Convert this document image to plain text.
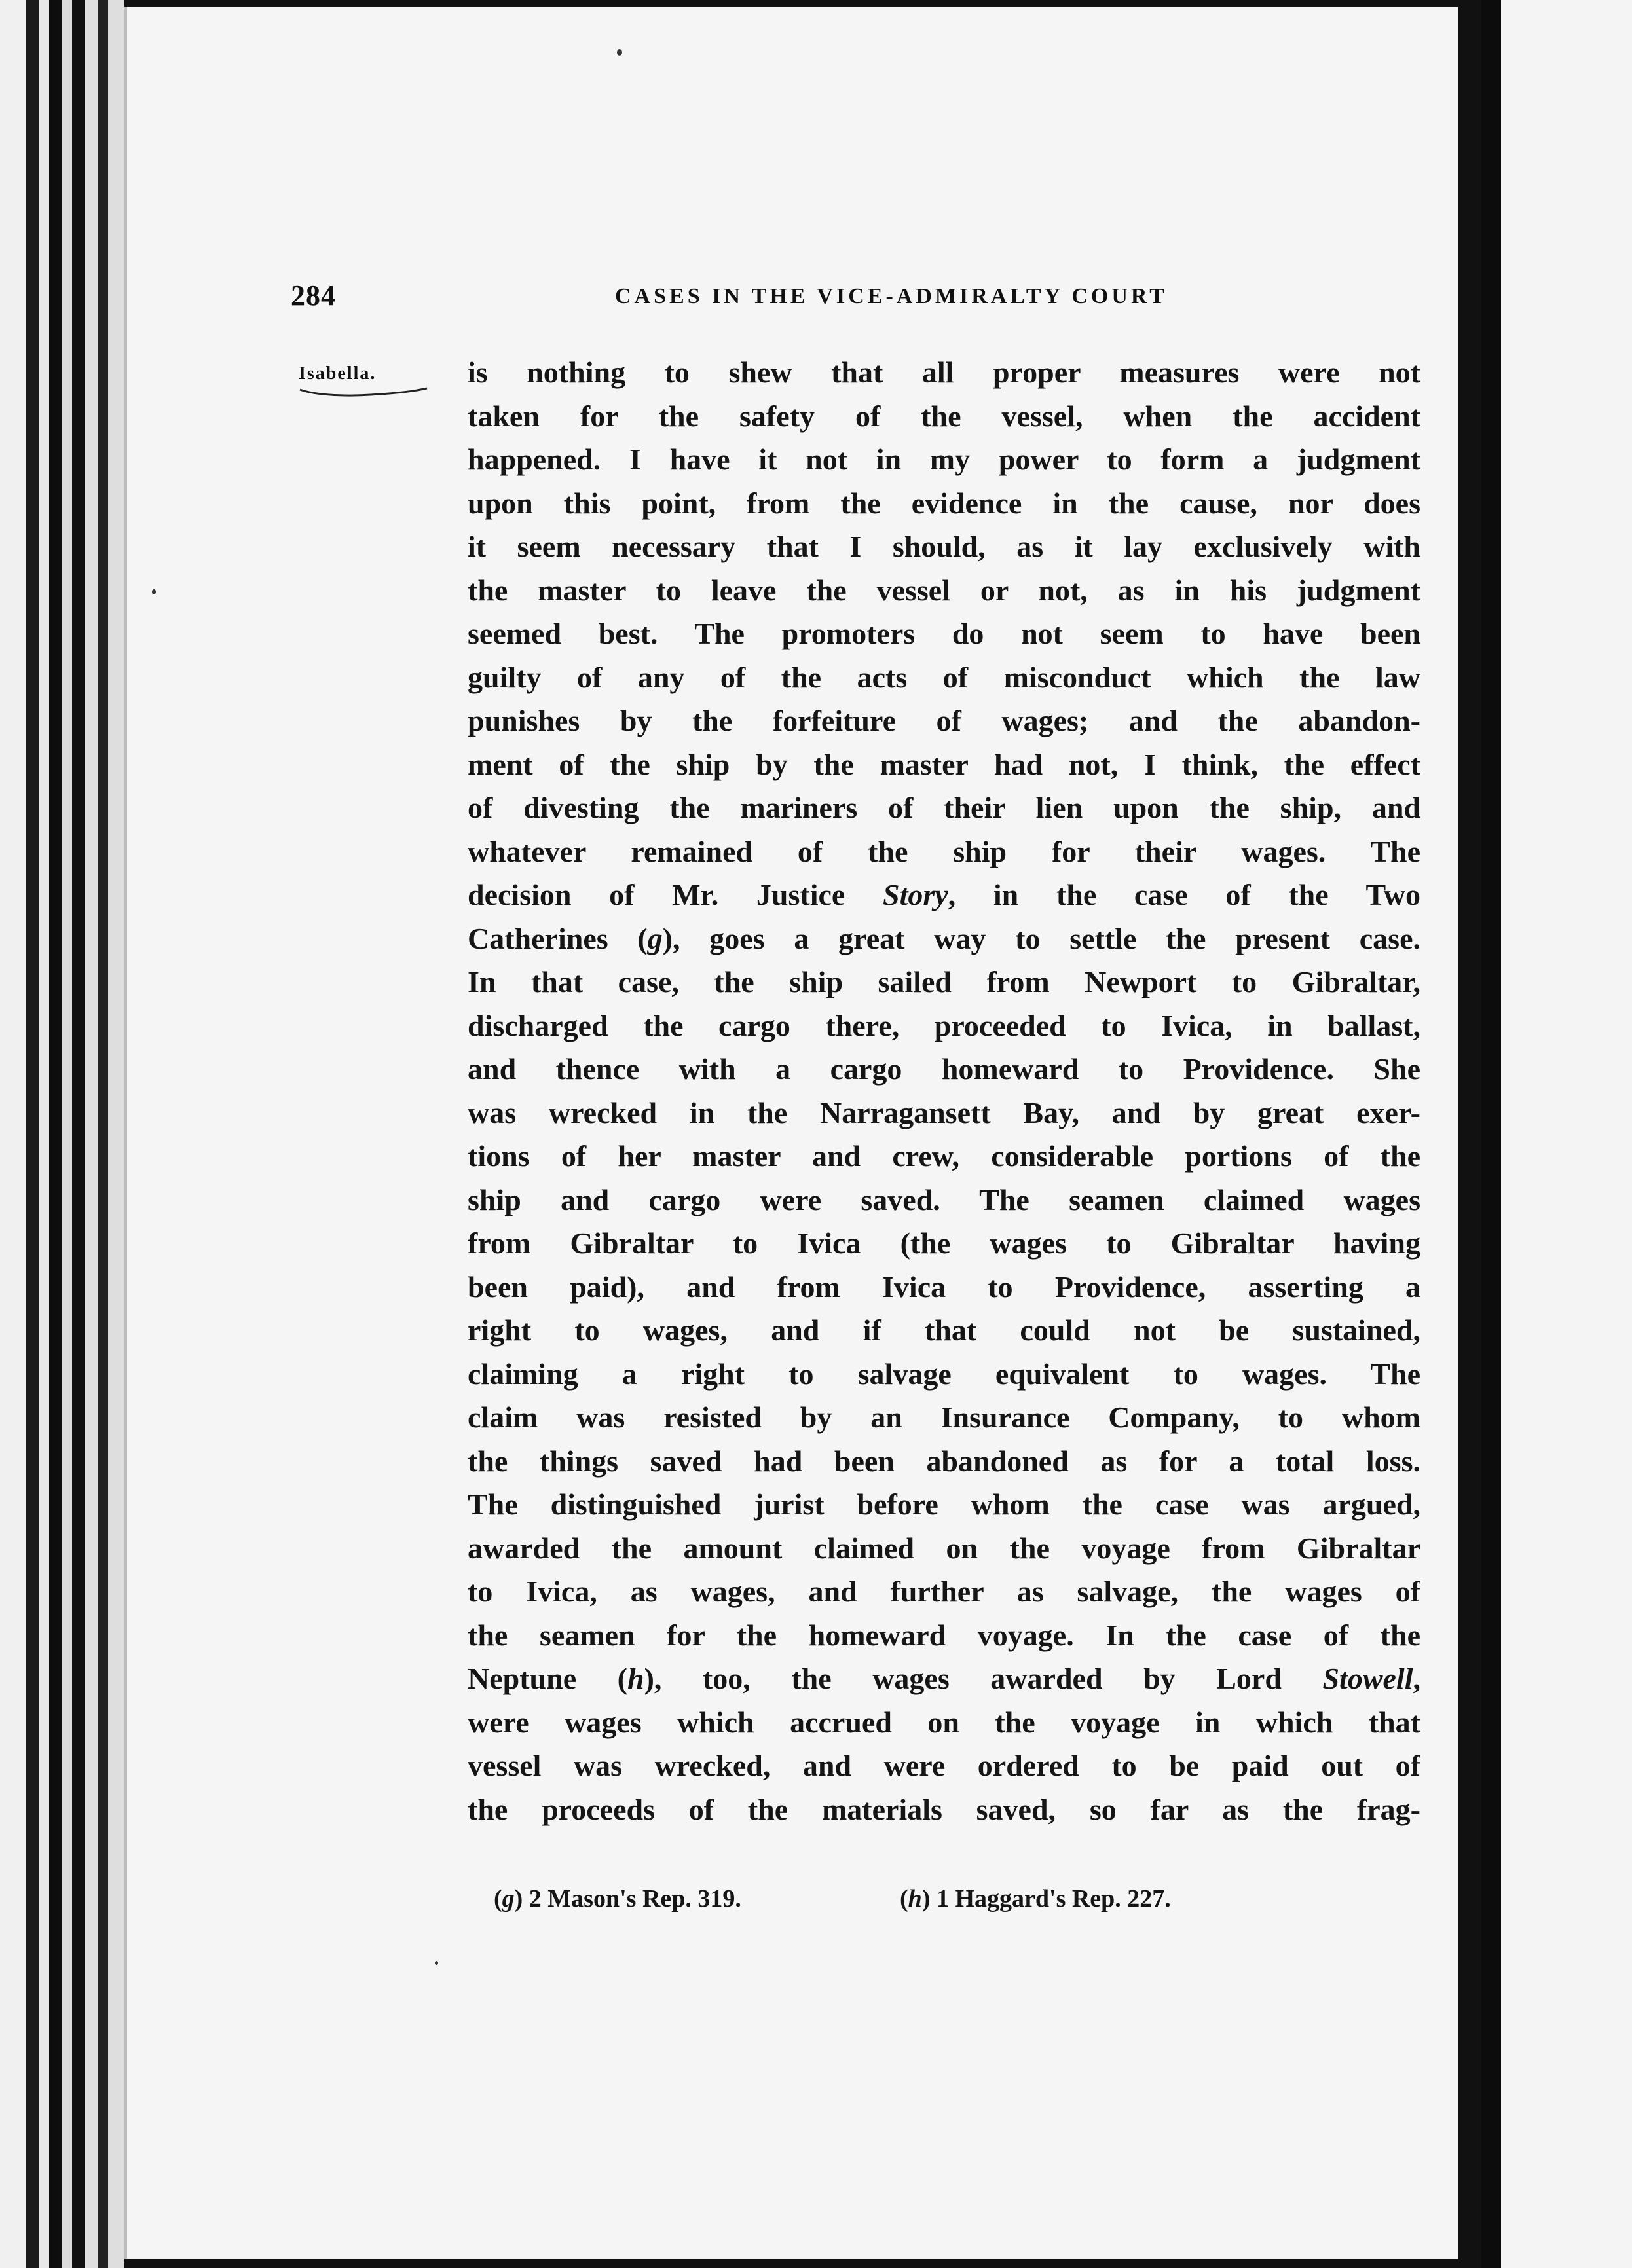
284	CASES IN THE VICE-ADMIRALTY COURT
Isabella.	is nothing to shew that all proper measures were not
taken for the safety of the vessel, when the accident
happened. I have it not in my power to form a judgment
upon this point, from the evidence in the cause, nor does
it seem necessary that I should, as it lay exclusively with
the master to leave the vessel or not, as in his judgment
seemed best. The promoters do not seem to have been
guilty of any of the acts of misconduct which the law
punishes by the forfeiture of wages; and the abandon-
ment of the ship by the master had not, I think, the effect
of divesting the mariners of their lien upon the ship, and
whatever remained of the ship for their wages. The
decision of Mr. Justice Story, in the case of the Two
Catherines (g), goes a great way to settle the present case.
In that case, the ship sailed from Newport to Gibraltar,
discharged the cargo there, proceeded to Ivica, in ballast,
and thence with a cargo homeward to Providence. She
was wrecked in the Narragansett Bay, and by great exer-
tions of her master and crew, considerable portions of the
ship and cargo were saved. The seamen claimed wages
from Gibraltar to Ivica (the wages to Gibraltar having
been paid), and from Ivica to Providence, asserting a
right to wages, and if that could not be sustained,
claiming a right to salvage equivalent to wages. The
claim was resisted by an Insurance Company, to whom
the things saved had been abandoned as for a total loss.
The distinguished jurist before whom the case was argued,
awarded the amount claimed on the voyage from Gibraltar
to Ivica, as wages, and further as salvage, the wages of
the seamen for the homeward voyage. In the case of the
Neptune (h), too, the wages awarded by Lord Stowell,
were wages which accrued on the voyage in which that
vessel was wrecked, and were ordered to be paid out of
the proceeds of the materials saved, so far as the frag-
(g) 2 Mason's Rep. 319.	(h) 1 Haggard's Rep. 227.
